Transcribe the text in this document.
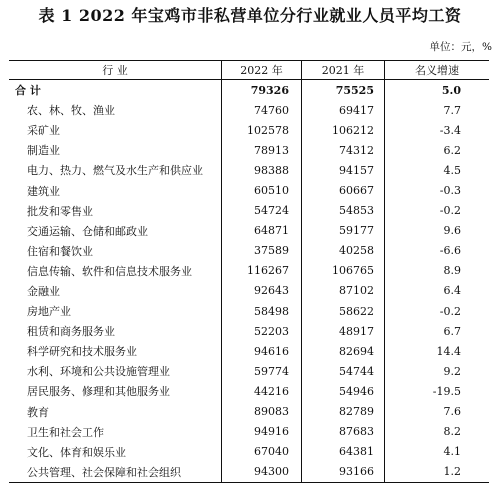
表 1 2022 年宝鸡市非私营单位分行业就业人员平均工资
单位：元，%
行 业	2022 年	2021 年	名义增速
合 计	79326	75525	5.0
农、林、牧、渔业	74760	69417	7.7
采矿业	102578	106212	-3.4
制造业	78913	74312	6.2
电力、热力、燃气及水生产和供应业	98388	94157	4.5
建筑业	60510	60667	-0.3
批发和零售业	54724	54853	-0.2
交通运输、仓储和邮政业	64871	59177	9.6
住宿和餐饮业	37589	40258	-6.6
信息传输、软件和信息技术服务业	116267	106765	8.9
金融业	92643	87102	6.4
房地产业	58498	58622	-0.2
租赁和商务服务业	52203	48917	6.7
科学研究和技术服务业	94616	82694	14.4
水利、环境和公共设施管理业	59774	54744	9.2
居民服务、修理和其他服务业	44216	54946	-19.5
教育	89083	82789	7.6
卫生和社会工作	94916	87683	8.2
文化、体育和娱乐业	67040	64381	4.1
公共管理、社会保障和社会组织	94300	93166	1.2
